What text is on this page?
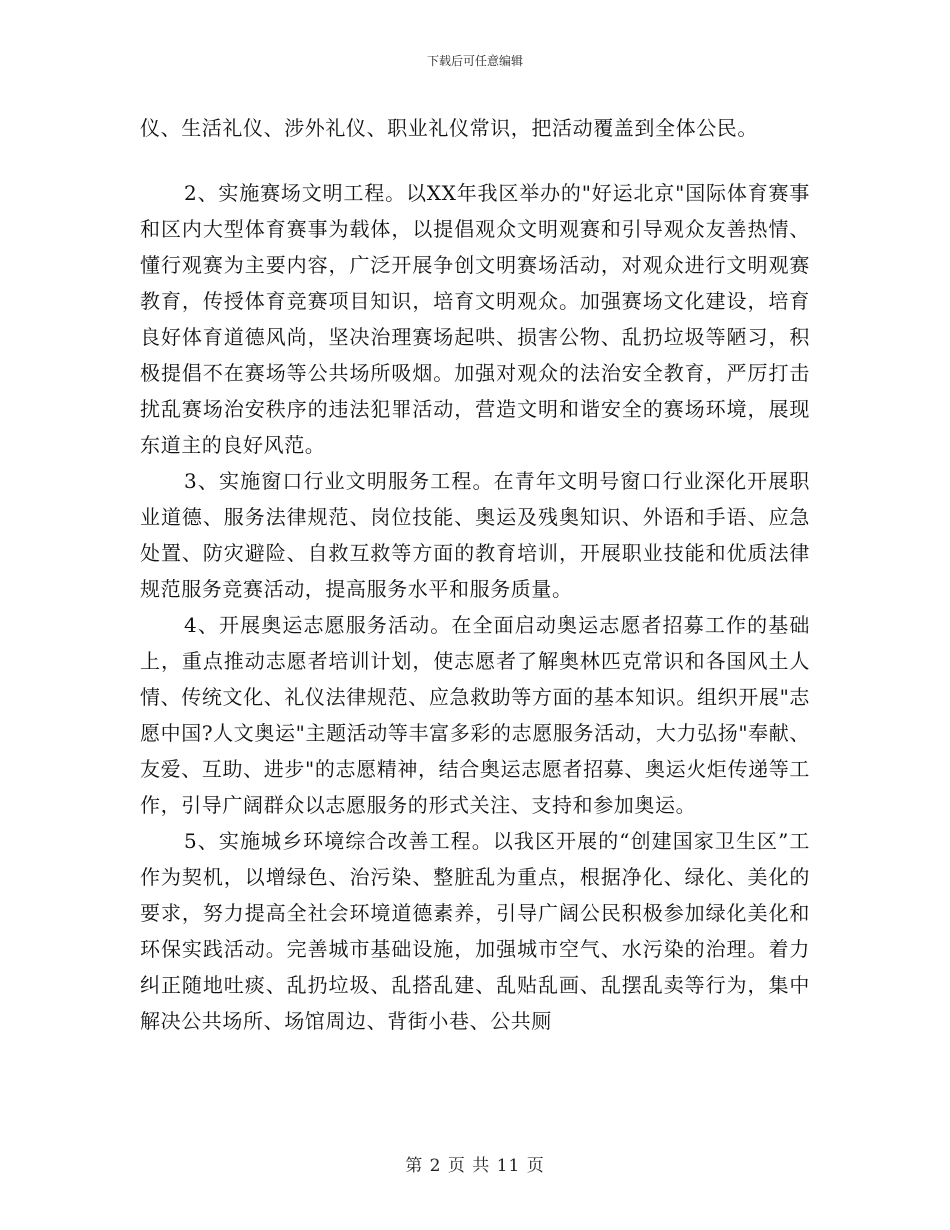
下载后可任意编辑

仪、生活礼仪、涉外礼仪、职业礼仪常识，把活动覆盖到全体公民。

2、实施赛场文明工程。以XX年我区举办的"好运北京"国际体育赛事和区内大型体育赛事为载体，以提倡观众文明观赛和引导观众友善热情、懂行观赛为主要内容，广泛开展争创文明赛场活动，对观众进行文明观赛教育，传授体育竞赛项目知识，培育文明观众。加强赛场文化建设，培育良好体育道德风尚，坚决治理赛场起哄、损害公物、乱扔垃圾等陋习，积极提倡不在赛场等公共场所吸烟。加强对观众的法治安全教育，严厉打击扰乱赛场治安秩序的违法犯罪活动，营造文明和谐安全的赛场环境，展现东道主的良好风范。

3、实施窗口行业文明服务工程。在青年文明号窗口行业深化开展职业道德、服务法律规范、岗位技能、奥运及残奥知识、外语和手语、应急处置、防灾避险、自救互救等方面的教育培训，开展职业技能和优质法律规范服务竞赛活动，提高服务水平和服务质量。

4、开展奥运志愿服务活动。在全面启动奥运志愿者招募工作的基础上，重点推动志愿者培训计划，使志愿者了解奥林匹克常识和各国风土人情、传统文化、礼仪法律规范、应急救助等方面的基本知识。组织开展"志愿中国?人文奥运"主题活动等丰富多彩的志愿服务活动，大力弘扬"奉献、友爱、互助、进步"的志愿精神，结合奥运志愿者招募、奥运火炬传递等工作，引导广阔群众以志愿服务的形式关注、支持和参加奥运。

5、实施城乡环境综合改善工程。以我区开展的“创建国家卫生区”工作为契机，以增绿色、治污染、整脏乱为重点，根据净化、绿化、美化的要求，努力提高全社会环境道德素养，引导广阔公民积极参加绿化美化和环保实践活动。完善城市基础设施，加强城市空气、水污染的治理。着力纠正随地吐痰、乱扔垃圾、乱搭乱建、乱贴乱画、乱摆乱卖等行为，集中解决公共场所、场馆周边、背街小巷、公共厕

第 2 页 共 11 页
